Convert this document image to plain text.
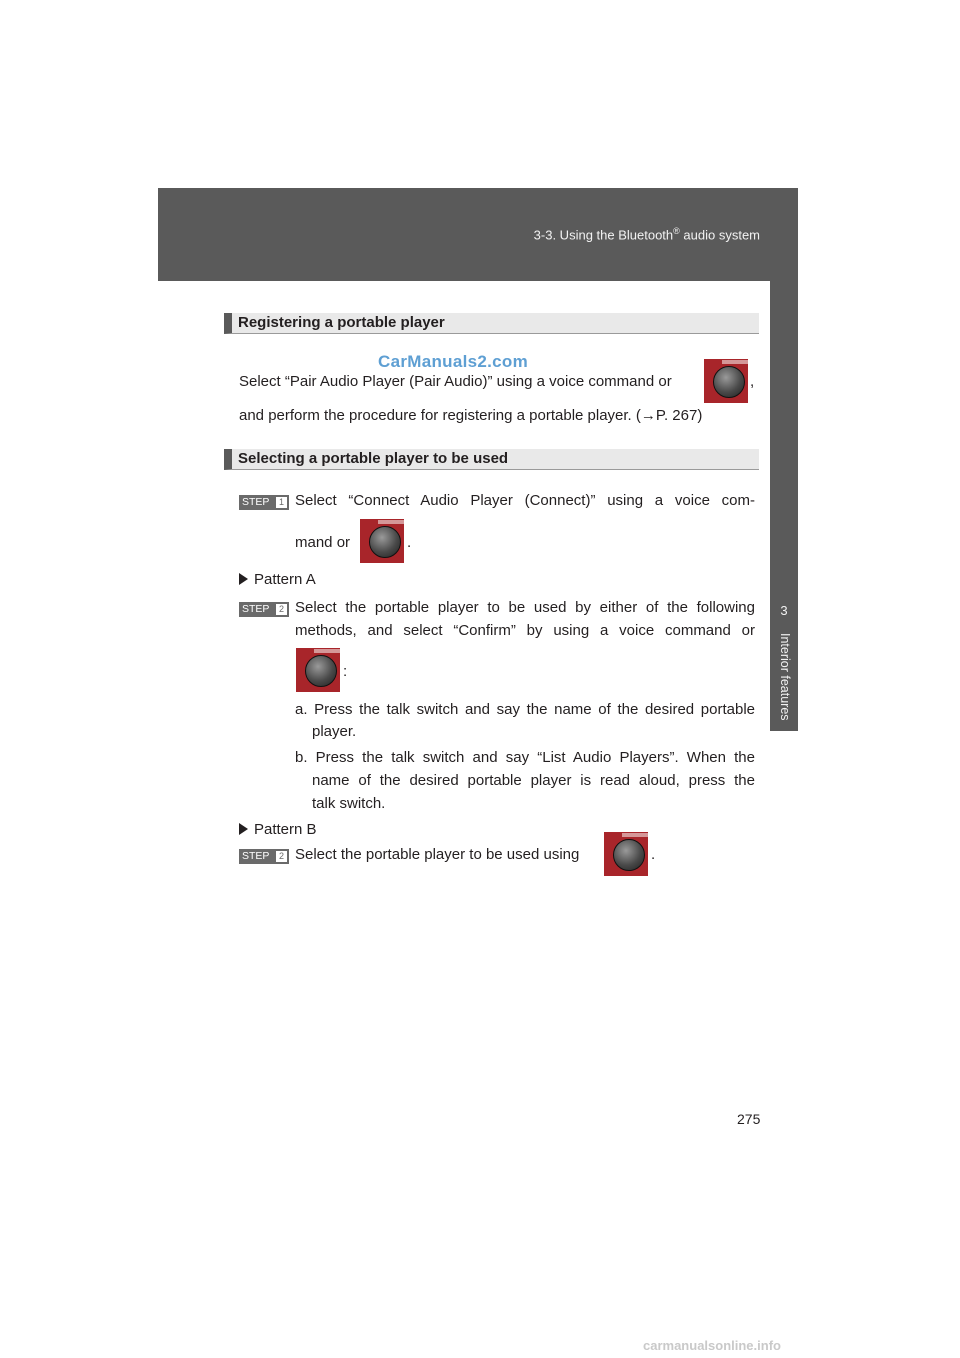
3-3. Using the Bluetooth® audio system
3
Interior features
Registering a portable player
CarManuals2.com
Select “Pair Audio Player (Pair Audio)” using a voice command or	,
and perform the procedure for registering a portable player. (→P. 267)
Selecting a portable player to be used
STEP	1 Select “Connect Audio Player (Connect)” using a voice com-
mand or	.
Pattern A
STEP	2 Select the portable player to be used by either of the following
methods, and select “Confirm” by using a voice command or
:
a. Press the talk switch and say the name of the desired portable
player.
b. Press the talk switch and say “List Audio Players”. When the
name of the desired portable player is read aloud, press the
talk switch.
Pattern B
STEP	2 Select the portable player to be used using	.
275
carmanualsonline.info
